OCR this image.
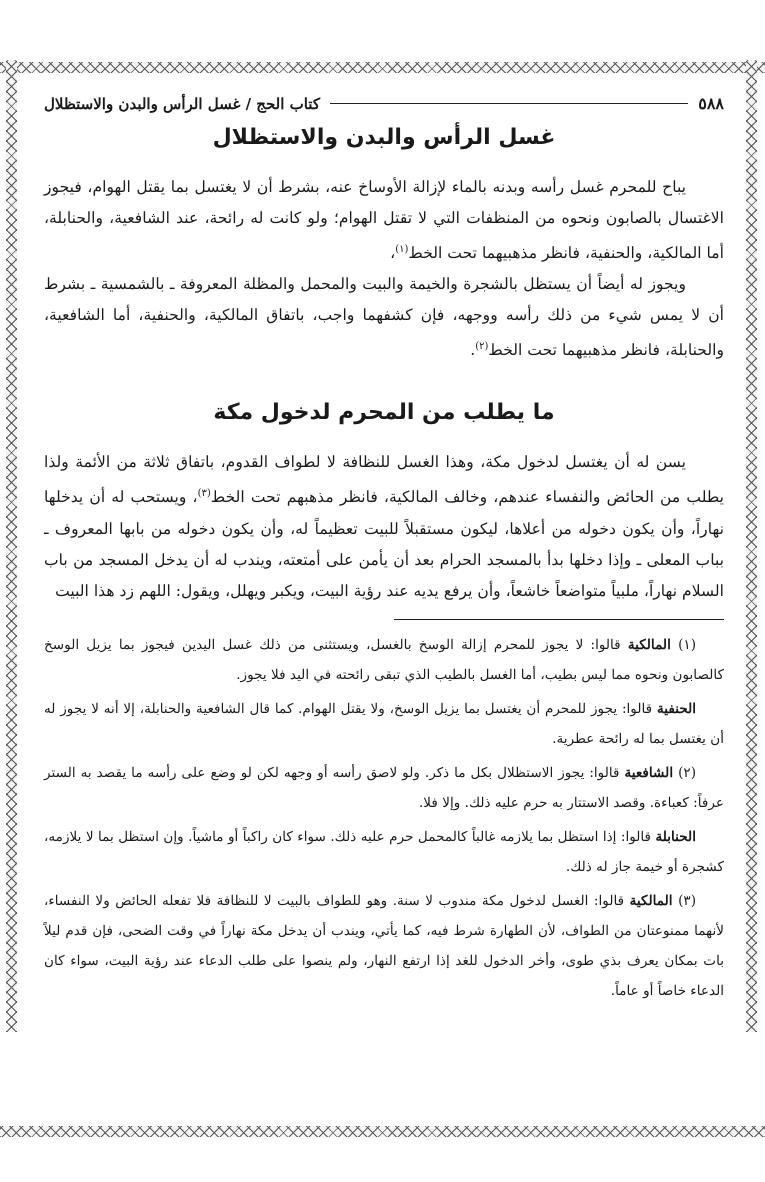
٥٨٨
كتاب الحج / غسل الرأس والبدن والاستظلال
غسل الرأس والبدن والاستظلال

يباح للمحرم غسل رأسه وبدنه بالماء لإزالة الأوساخ عنه، بشرط أن لا يغتسل بما يقتل الهوام، فيجوز الاغتسال بالصابون ونحوه من المنظفات التي لا تقتل الهوام؛ ولو كانت له رائحة، عند الشافعية، والحنابلة، أما المالكية، والحنفية، فانظر مذهبيهما تحت الخط$^{(١)}$،

ويجوز له أيضاً أن يستظل بالشجرة والخيمة والبيت والمحمل والمظلة المعروفة ـ بالشمسية ـ بشرط أن لا يمس شيء من ذلك رأسه ووجهه، فإن كشفهما واجب، باتفاق المالكية، والحنفية، أما الشافعية، والحنابلة، فانظر مذهبيهما تحت الخط$^{(٢)}$.

ما يطلب من المحرم لدخول مكة

يسن له أن يغتسل لدخول مكة، وهذا الغسل للنظافة لا لطواف القدوم، باتفاق ثلاثة من الأئمة ولذا يطلب من الحائض والنفساء عندهم، وخالف المالكية، فانظر مذهبهم تحت الخط$^{(٣)}$، ويستحب له أن يدخلها نهاراً، وأن يكون دخوله من أعلاها، ليكون مستقبلاً للبيت تعظيماً له، وأن يكون دخوله من بابها المعروف ـ بباب المعلى ـ وإذا دخلها بدأ بالمسجد الحرام بعد أن يأمن على أمتعته، ويندب له أن يدخل المسجد من باب السلام نهاراً، ملبياً متواضعاً خاشعاً، وأن يرفع يديه عند رؤية البيت، ويكبر ويهلل، ويقول: اللهم زد هذا البيت

(١) المالكية قالوا: لا يجوز للمحرم إزالة الوسخ بالغسل، ويستثنى من ذلك غسل اليدين فيجوز بما يزيل الوسخ كالصابون ونحوه مما ليس بطيب، أما الغسل بالطيب الذي تبقى رائحته في اليد فلا يجوز.

الحنفية قالوا: يجوز للمحرم أن يغتسل بما يزيل الوسخ، ولا يقتل الهوام. كما قال الشافعية والحنابلة، إلا أنه لا يجوز له أن يغتسل بما له رائحة عطرية.

(٢) الشافعية قالوا: يجوز الاستظلال بكل ما ذكر. ولو لاصق رأسه أو وجهه لكن لو وضع على رأسه ما يقصد به الستر عرفاً: كعباءة. وقصد الاستتار به حرم عليه ذلك. وإلا فلا.

الحنابلة قالوا: إذا استظل بما يلازمه غالباً كالمحمل حرم عليه ذلك. سواء كان راكباً أو ماشياً. وإن استظل بما لا يلازمه، كشجرة أو خيمة جاز له ذلك.

(٣) المالكية قالوا: الغسل لدخول مكة مندوب لا سنة. وهو للطواف بالبيت لا للنظافة فلا تفعله الحائض ولا النفساء، لأنهما ممنوعتان من الطواف، لأن الطهارة شرط فيه، كما يأتي، ويندب أن يدخل مكة نهاراً في وقت الضحى، فإن قدم ليلاً بات بمكان يعرف بذي طوى، وأخر الدخول للغد إذا ارتفع النهار، ولم ينصوا على طلب الدعاء عند رؤية البيت، سواء كان الدعاء خاصاً أو عاماً.
